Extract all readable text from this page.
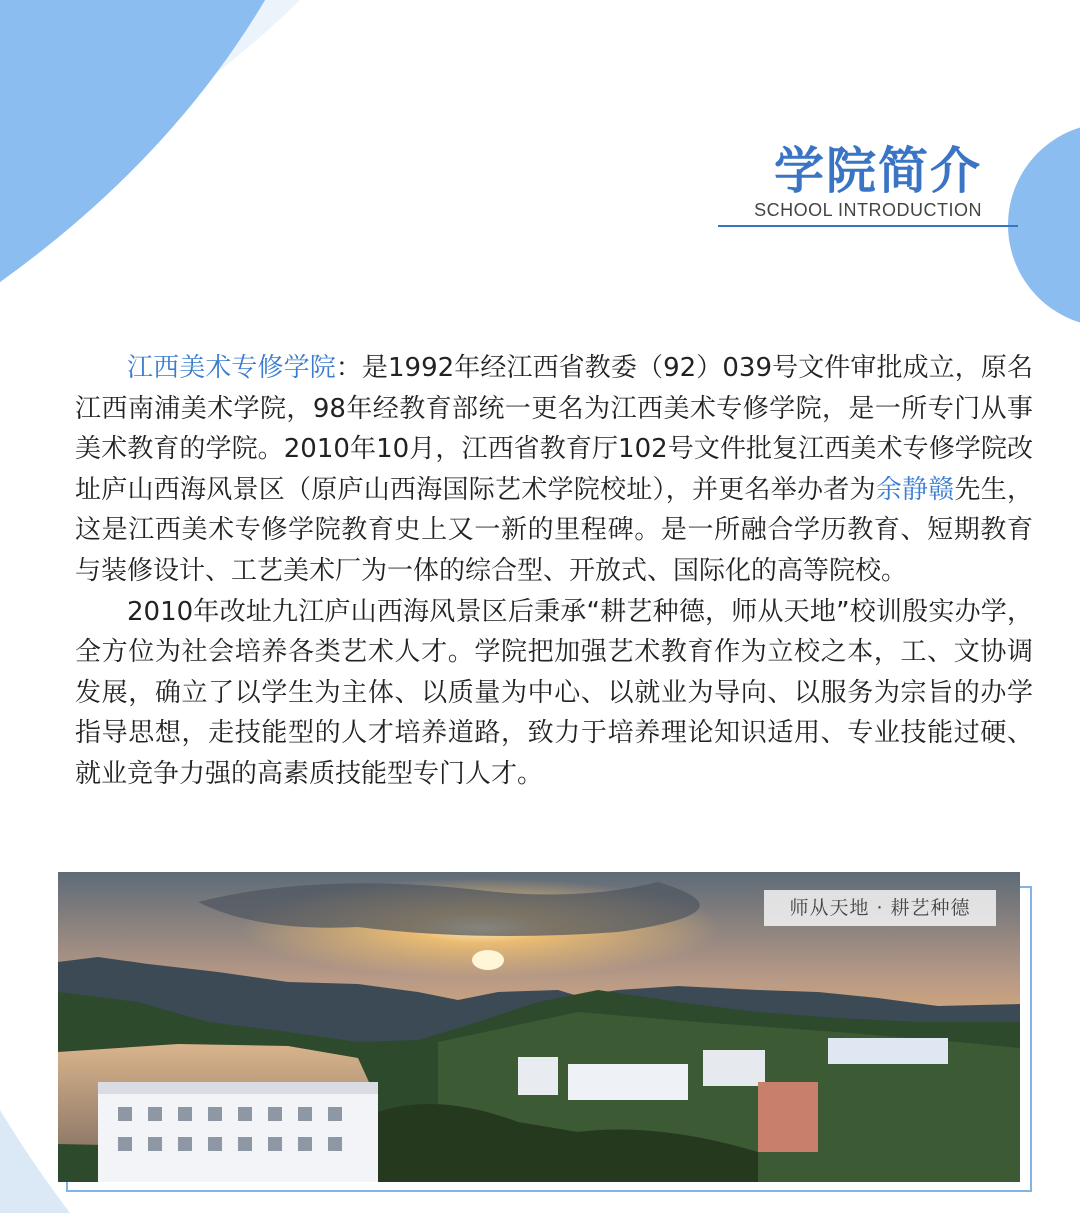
学院简介
SCHOOL INTRODUCTION

江西美术专修学院：是1992年经江西省教委（92）039号文件审批成立，原名江西南浦美术学院，98年经教育部统一更名为江西美术专修学院，是一所专门从事美术教育的学院。2010年10月，江西省教育厅102号文件批复江西美术专修学院改址庐山西海风景区（原庐山西海国际艺术学院校址），并更名举办者为余静赣先生，这是江西美术专修学院教育史上又一新的里程碑。是一所融合学历教育、短期教育与装修设计、工艺美术厂为一体的综合型、开放式、国际化的高等院校。

2010年改址九江庐山西海风景区后秉承“耕艺种德，师从天地”校训殷实办学，全方位为社会培养各类艺术人才。学院把加强艺术教育作为立校之本，工、文协调发展，确立了以学生为主体、以质量为中心、以就业为导向、以服务为宗旨的办学指导思想，走技能型的人才培养道路，致力于培养理论知识适用、专业技能过硬、就业竞争力强的高素质技能型专门人才。

师从天地 · 耕艺种德
